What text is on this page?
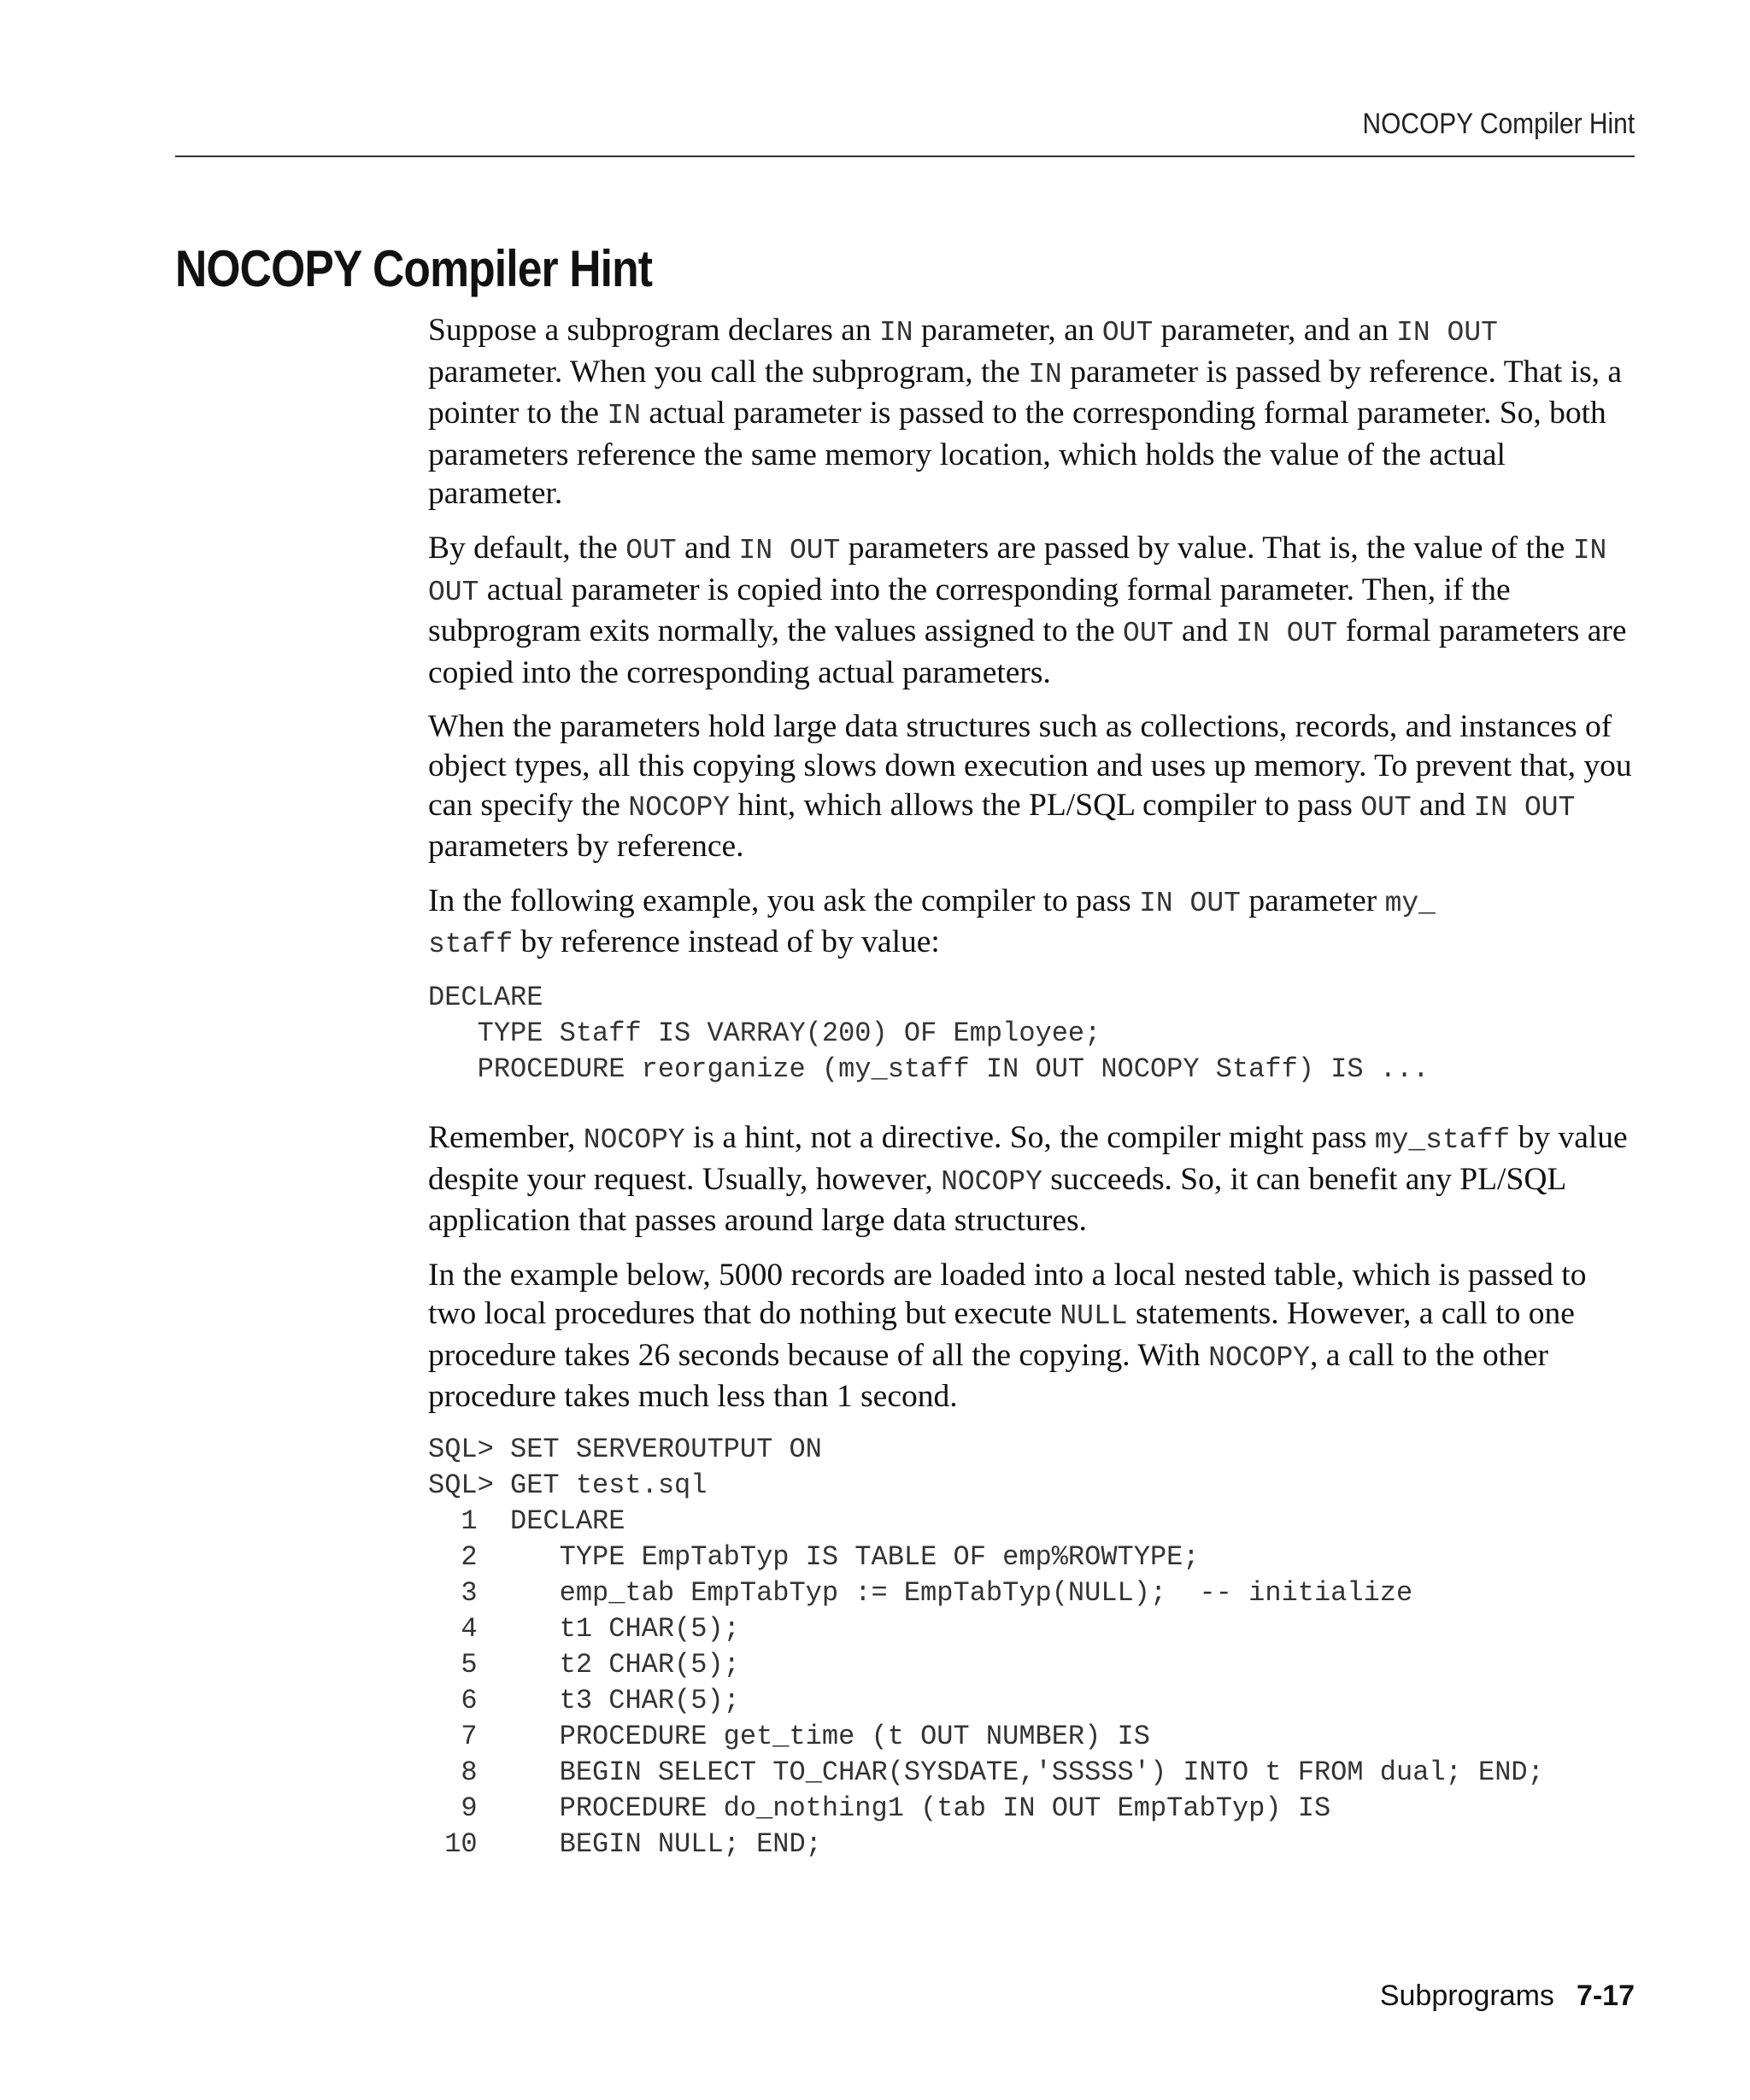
NOCOPY Compiler Hint
NOCOPY Compiler Hint

Suppose a subprogram declares an IN parameter, an OUT parameter, and an IN OUT parameter. When you call the subprogram, the IN parameter is passed by reference. That is, a pointer to the IN actual parameter is passed to the corresponding formal parameter. So, both parameters reference the same memory location, which holds the value of the actual parameter.

By default, the OUT and IN OUT parameters are passed by value. That is, the value of the IN OUT actual parameter is copied into the corresponding formal parameter. Then, if the subprogram exits normally, the values assigned to the OUT and IN OUT formal parameters are copied into the corresponding actual parameters.

When the parameters hold large data structures such as collections, records, and instances of object types, all this copying slows down execution and uses up memory. To prevent that, you can specify the NOCOPY hint, which allows the PL/SQL compiler to pass OUT and IN OUT parameters by reference.

In the following example, you ask the compiler to pass IN OUT parameter my_
staff by reference instead of by value:

DECLARE
TYPE Staff IS VARRAY(200) OF Employee;
PROCEDURE reorganize (my_staff IN OUT NOCOPY Staff) IS ...

Remember, NOCOPY is a hint, not a directive. So, the compiler might pass my_staff by value despite your request. Usually, however, NOCOPY succeeds. So, it can benefit any PL/SQL application that passes around large data structures.

In the example below, 5000 records are loaded into a local nested table, which is passed to two local procedures that do nothing but execute NULL statements. However, a call to one procedure takes 26 seconds because of all the copying. With NOCOPY, a call to the other procedure takes much less than 1 second.

SQL> SET SERVEROUTPUT ON
SQL> GET test.sql
1  DECLARE
2     TYPE EmpTabTyp IS TABLE OF emp%ROWTYPE;
3     emp_tab EmpTabTyp := EmpTabTyp(NULL);  -- initialize
4     t1 CHAR(5);
5     t2 CHAR(5);
6     t3 CHAR(5);
7     PROCEDURE get_time (t OUT NUMBER) IS
8     BEGIN SELECT TO_CHAR(SYSDATE,'SSSSS') INTO t FROM dual; END;
9     PROCEDURE do_nothing1 (tab IN OUT EmpTabTyp) IS
10     BEGIN NULL; END;
Subprograms 7-17
